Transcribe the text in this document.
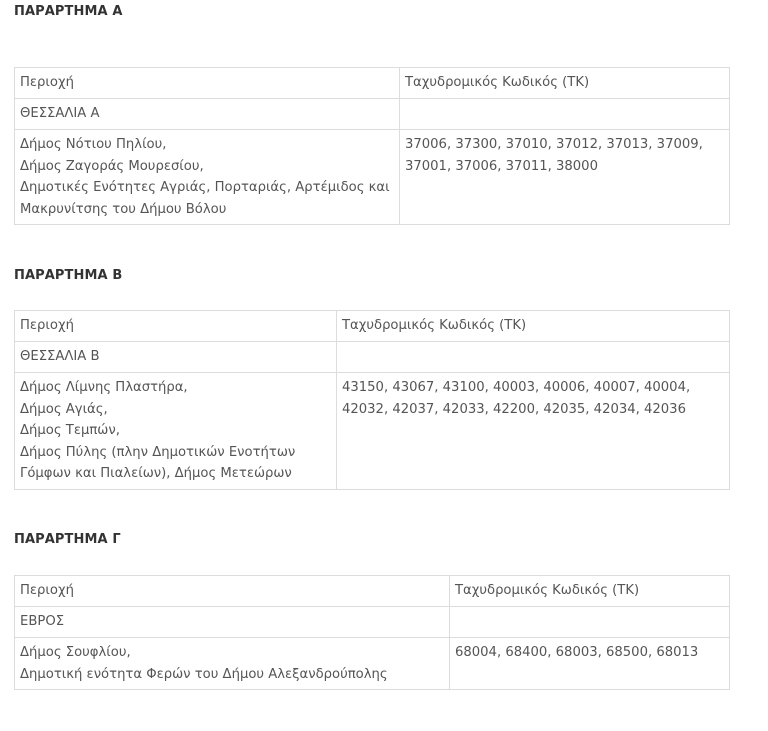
ΠΑΡΑΡΤΗΜΑ Α
Περιοχή	Ταχυδρομικός Κωδικός (ΤΚ)
ΘΕΣΣΑΛΙΑ Α	

Δήμος Νότιου Πηλίου,
Δήμος Ζαγοράς Μουρεσίου,
Δημοτικές Ενότητες Αγριάς, Πορταριάς, Αρτέμιδος και
Μακρυνίτσης του Δήμου Βόλου	37006, 37300, 37010, 37012, 37013, 37009, 37001, 37006, 37011, 38000
ΠΑΡΑΡΤΗΜΑ Β
Περιοχή	Ταχυδρομικός Κωδικός (ΤΚ)
ΘΕΣΣΑΛΙΑ Β	

Δήμος Λίμνης Πλαστήρα,
Δήμος Αγιάς,
Δήμος Τεμπών,
Δήμος Πύλης (πλην Δημοτικών Ενοτήτων
Γόμφων και Πιαλείων), Δήμος Μετεώρων	43150, 43067, 43100, 40003, 40006, 40007, 40004, 42032, 42037, 42033, 42200, 42035, 42034, 42036
ΠΑΡΑΡΤΗΜΑ Γ
Περιοχή	Ταχυδρομικός Κωδικός (ΤΚ)
ΕΒΡΟΣ	

Δήμος Σουφλίου,
Δημοτική ενότητα Φερών του Δήμου Αλεξανδρούπολης	68004, 68400, 68003, 68500, 68013
